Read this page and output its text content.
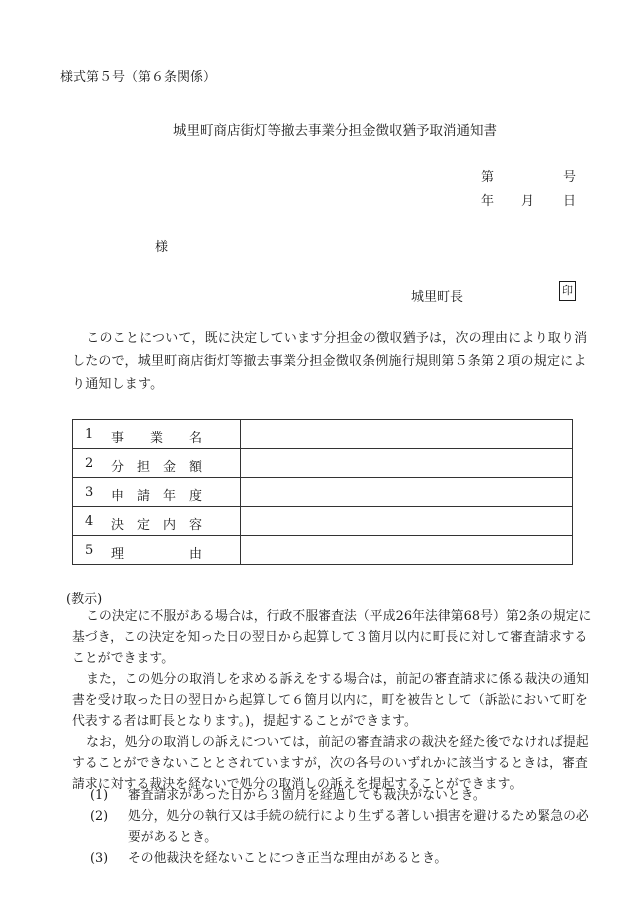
様式第５号（第６条関係）
城里町商店街灯等撤去事業分担金徴収猶予取消通知書
第	号
年 月 日
様
城里町長	印

このことについて，既に決定しています分担金の徴収猶予は，次の理由により取り消したので，城里町商店街灯等撤去事業分担金徴収条例施行規則第５条第２項の規定により通知します。

1 事 業 名	

2 分 担 金 額	

3 申 請 年 度	

4 決 定 内 容	

5 理 由	

(教示)

この決定に不服がある場合は，行政不服審査法（平成26年法律第68号）第2条の規定に基づき，この決定を知った日の翌日から起算して３箇月以内に町長に対して審査請求することができます。

また，この処分の取消しを求める訴えをする場合は，前記の審査請求に係る裁決の通知書を受け取った日の翌日から起算して６箇月以内に，町を被告として（訴訟において町を代表する者は町長となります。)，提起することができます。

なお，処分の取消しの訴えについては，前記の審査請求の裁決を経た後でなければ提起することができないこととされていますが，次の各号のいずれかに該当するときは，審査請求に対する裁決を経ないで処分の取消しの訴えを提起することができます。

(1) 審査請求があった日から３箇月を経過しても裁決がないとき。
(2) 処分，処分の執行又は手続の続行により生ずる著しい損害を避けるため緊急の必要があるとき。
(3) その他裁決を経ないことにつき正当な理由があるとき。
